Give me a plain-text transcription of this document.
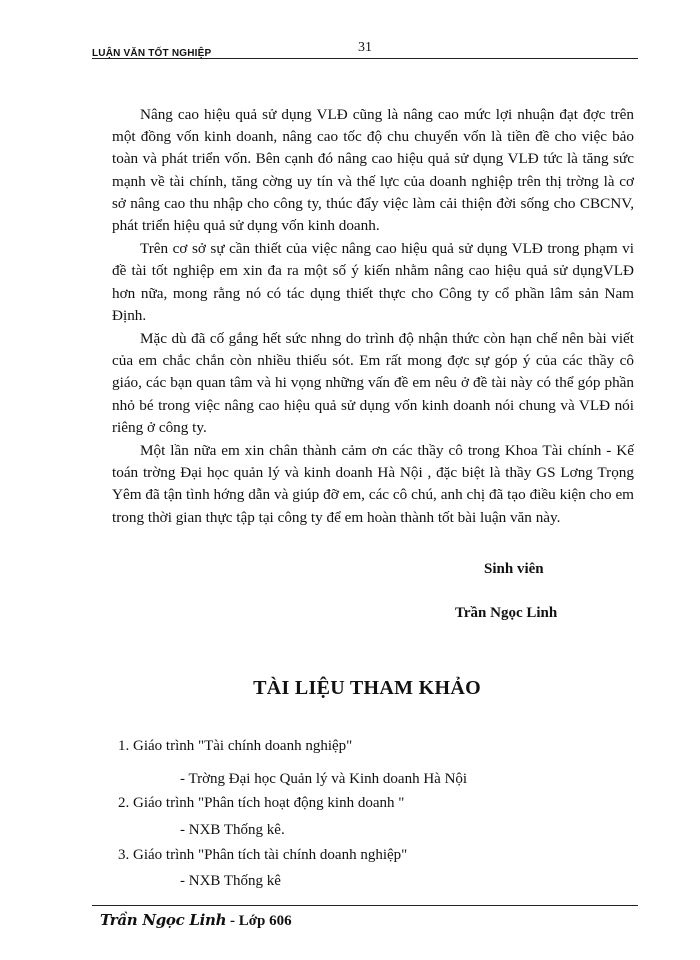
LUẬN VĂN TỐT NGHIỆP	31

Nâng cao hiệu quả sử dụng VLĐ cũng là nâng cao mức lợi nhuận đạt đợc trên một đồng vốn kinh doanh, nâng cao tốc độ chu chuyển vốn là tiền đề cho việc bảo toàn và phát triển vốn. Bên cạnh đó nâng cao hiệu quả sử dụng VLĐ tức là tăng sức mạnh về tài chính, tăng cờng uy tín và thế lực của doanh nghiệp trên thị trờng là cơ sở nâng cao thu nhập cho công ty, thúc đẩy việc làm cải thiện đời sống cho CBCNV, phát triển hiệu quả sử dụng vốn kinh doanh.

Trên cơ sở sự cần thiết của việc nâng cao hiệu quả sử dụng VLĐ trong phạm vi đề tài tốt nghiệp em xin đa ra một số ý kiến nhằm nâng cao hiệu quả sử dụngVLĐ hơn nữa, mong rằng nó có tác dụng thiết thực cho Công ty cổ phần lâm sản Nam Định.

Mặc dù đã cố gắng hết sức nhng do trình độ nhận thức còn hạn chế nên bài viết của em chắc chắn còn nhiều thiếu sót. Em rất mong đợc sự góp ý của các thầy cô giáo, các bạn quan tâm và hi vọng những vấn đề em nêu ở đề tài này có thể góp phần nhỏ bé trong việc nâng cao hiệu quả sử dụng vốn kinh doanh nói chung và VLĐ nói riêng ở công ty.

Một lần nữa em xin chân thành cảm ơn các thầy cô trong Khoa Tài chính - Kế toán trờng Đại học quản lý và kinh doanh Hà Nội , đặc biệt là thầy GS Lơng Trọng Yêm đã tận tình hớng dẫn và giúp đỡ em, các cô chú, anh chị đã tạo điều kiện cho em trong thời gian thực tập tại công ty để em hoàn thành tốt bài luận văn này.

Sinh viên
Trần Ngọc Linh
TÀI LIỆU THAM KHẢO
1. Giáo trình "Tài chính doanh nghiệp"
- Trờng Đại học Quản lý và Kinh doanh Hà Nội
2. Giáo trình "Phân tích hoạt động kinh doanh "
- NXB Thống kê.
3. Giáo trình "Phân tích tài chính doanh nghiệp"
- NXB Thống kê
Trần Ngọc Linh - Lớp 606
